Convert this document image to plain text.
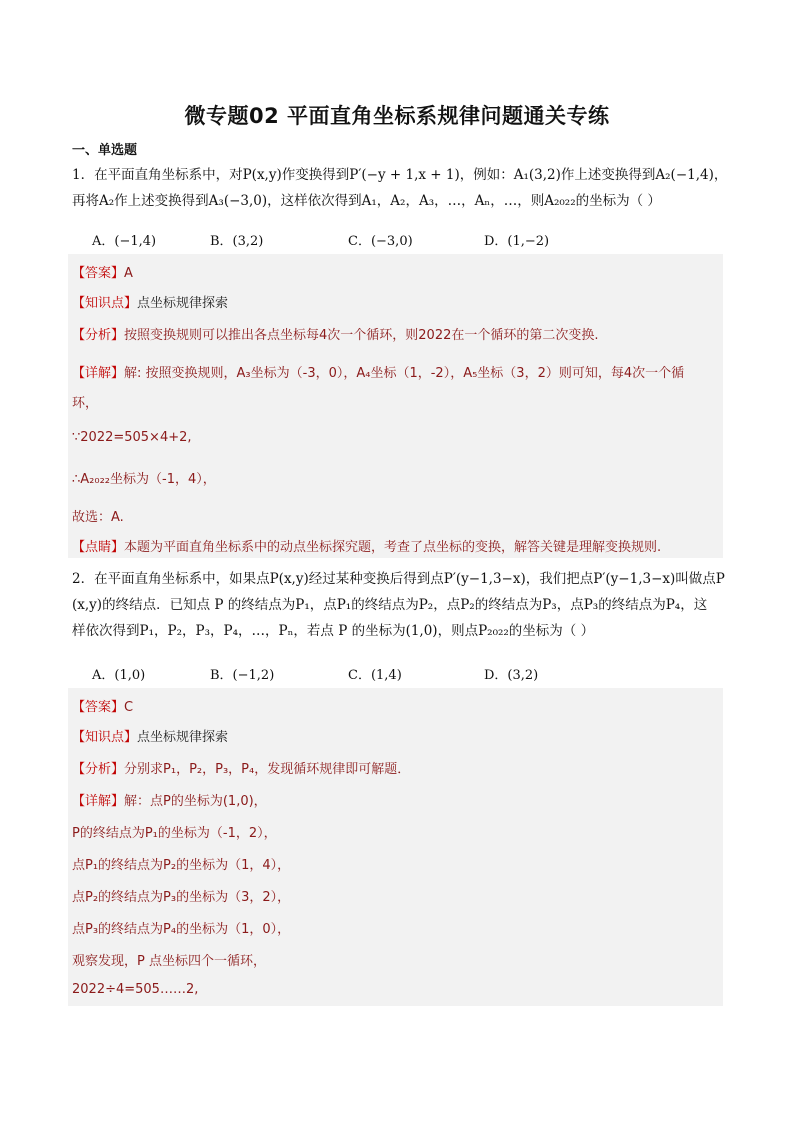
微专题02 平面直角坐标系规律问题通关专练
一、单选题
1．在平面直角坐标系中，对P(x,y)作变换得到P′(−y + 1,x + 1)，例如：A₁(3,2)作上述变换得到A₂(−1,4)，
再将A₂作上述变换得到A₃(−3,0)，这样依次得到A₁，A₂，A₃，…，Aₙ，…，则A₂₀₂₂的坐标为（ ）
A．(−1,4)	B．(3,2)	C．(−3,0)	D．(1,−2)
【答案】A
【知识点】点坐标规律探索
【分析】按照变换规则可以推出各点坐标每4次一个循环，则2022在一个循环的第二次变换.
【详解】解: 按照变换规则，A₃坐标为（-3，0），A₄坐标（1，-2），A₅坐标（3，2）则可知，每4次一个循
环，
∵2022=505×4+2,
∴A₂₀₂₂坐标为（-1，4），
故选：A.
【点睛】本题为平面直角坐标系中的动点坐标探究题，考查了点坐标的变换，解答关键是理解变换规则.
2．在平面直角坐标系中，如果点P(x,y)经过某种变换后得到点P′(y−1,3−x)，我们把点P′(y−1,3−x)叫做点P
(x,y)的终结点．已知点 P 的终结点为P₁，点P₁的终结点为P₂，点P₂的终结点为P₃，点P₃的终结点为P₄，这
样依次得到P₁，P₂，P₃，P₄，…，Pₙ，若点 P 的坐标为(1,0)，则点P₂₀₂₂的坐标为（ ）
A．(1,0)	B．(−1,2)	C．(1,4)	D．(3,2)
【答案】C
【知识点】点坐标规律探索
【分析】分别求P₁，P₂，P₃，P₄，发现循环规律即可解题．
【详解】解：点P的坐标为(1,0)，
P的终结点为P₁的坐标为（-1，2），
点P₁的终结点为P₂的坐标为（1，4），
点P₂的终结点为P₃的坐标为（3，2），
点P₃的终结点为P₄的坐标为（1，0），
观察发现，P 点坐标四个一循环，
2022÷4=505……2,
